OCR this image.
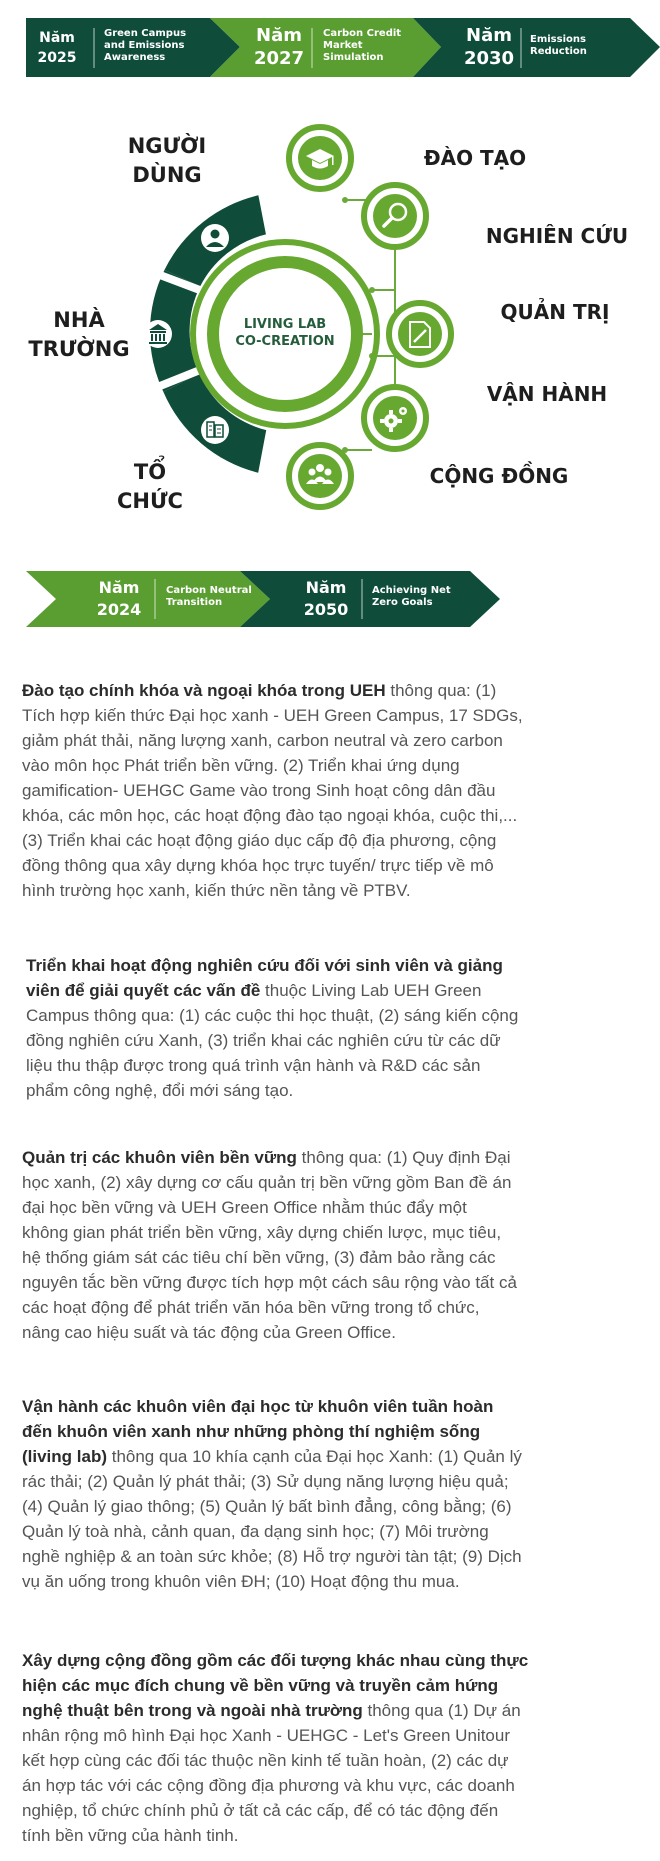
Năm
2025
Green Campus
and Emissions
Awareness
Năm
2027
Carbon Credit
Market
Simulation
Năm
2030
Emissions
Reduction
NGƯỜI
DÙNG
NHÀ
TRƯỜNG
TỔ
CHỨC
LIVING LAB
CO-CREATION
ĐÀO TẠO
NGHIÊN CỨU
QUẢN TRỊ
VẬN HÀNH
CỘNG ĐỒNG
Năm
2024
Carbon Neutral
Transition
Năm
2050
Achieving Net
Zero Goals
Đào tạo chính khóa và ngoại khóa trong UEH thông qua: (1)
Tích hợp kiến thức Đại học xanh - UEH Green Campus, 17 SDGs,
giảm phát thải, năng lượng xanh, carbon neutral và zero carbon
vào môn học Phát triển bền vững. (2) Triển khai ứng dụng
gamification- UEHGC Game vào trong Sinh hoạt công dân đầu
khóa, các môn học, các hoạt động đào tạo ngoại khóa, cuộc thi,...
(3) Triển khai các hoạt động giáo dục cấp độ địa phương, cộng
đồng thông qua xây dựng khóa học trực tuyến/ trực tiếp về mô
hình trường học xanh, kiến thức nền tảng về PTBV.
Triển khai hoạt động nghiên cứu đối với sinh viên và giảng
viên để giải quyết các vấn đề thuộc Living Lab UEH Green
Campus thông qua: (1) các cuộc thi học thuật, (2) sáng kiến cộng
đồng nghiên cứu Xanh, (3) triển khai các nghiên cứu từ các dữ
liệu thu thập được trong quá trình vận hành và R&D các sản
phẩm công nghệ, đổi mới sáng tạo.
Quản trị các khuôn viên bền vững thông qua: (1) Quy định Đại
học xanh, (2) xây dựng cơ cấu quản trị bền vững gồm Ban đề án
đại học bền vững và UEH Green Office nhằm thúc đẩy một
không gian phát triển bền vững, xây dựng chiến lược, mục tiêu,
hệ thống giám sát các tiêu chí bền vững, (3) đảm bảo rằng các
nguyên tắc bền vững được tích hợp một cách sâu rộng vào tất cả
các hoạt động để phát triển văn hóa bền vững trong tổ chức,
nâng cao hiệu suất và tác động của Green Office.
Vận hành các khuôn viên đại học từ khuôn viên tuần hoàn
đến khuôn viên xanh như những phòng thí nghiệm sống
(living lab) thông qua 10 khía cạnh của Đại học Xanh: (1) Quản lý
rác thải; (2) Quản lý phát thải; (3) Sử dụng năng lượng hiệu quả;
(4) Quản lý giao thông; (5) Quản lý bất bình đẳng, công bằng; (6)
Quản lý toà nhà, cảnh quan, đa dạng sinh học; (7) Môi trường
nghề nghiệp & an toàn sức khỏe; (8) Hỗ trợ người tàn tật; (9) Dịch
vụ ăn uống trong khuôn viên ĐH; (10) Hoạt động thu mua.
Xây dựng cộng đồng gồm các đối tượng khác nhau cùng thực
hiện các mục đích chung về bền vững và truyền cảm hứng
nghệ thuật bên trong và ngoài nhà trường thông qua (1) Dự án
nhân rộng mô hình Đại học Xanh - UEHGC - Let's Green Unitour
kết hợp cùng các đối tác thuộc nền kinh tế tuần hoàn, (2) các dự
án hợp tác với các cộng đồng địa phương và khu vực, các doanh
nghiệp, tổ chức chính phủ ở tất cả các cấp, để có tác động đến
tính bền vững của hành tinh.
